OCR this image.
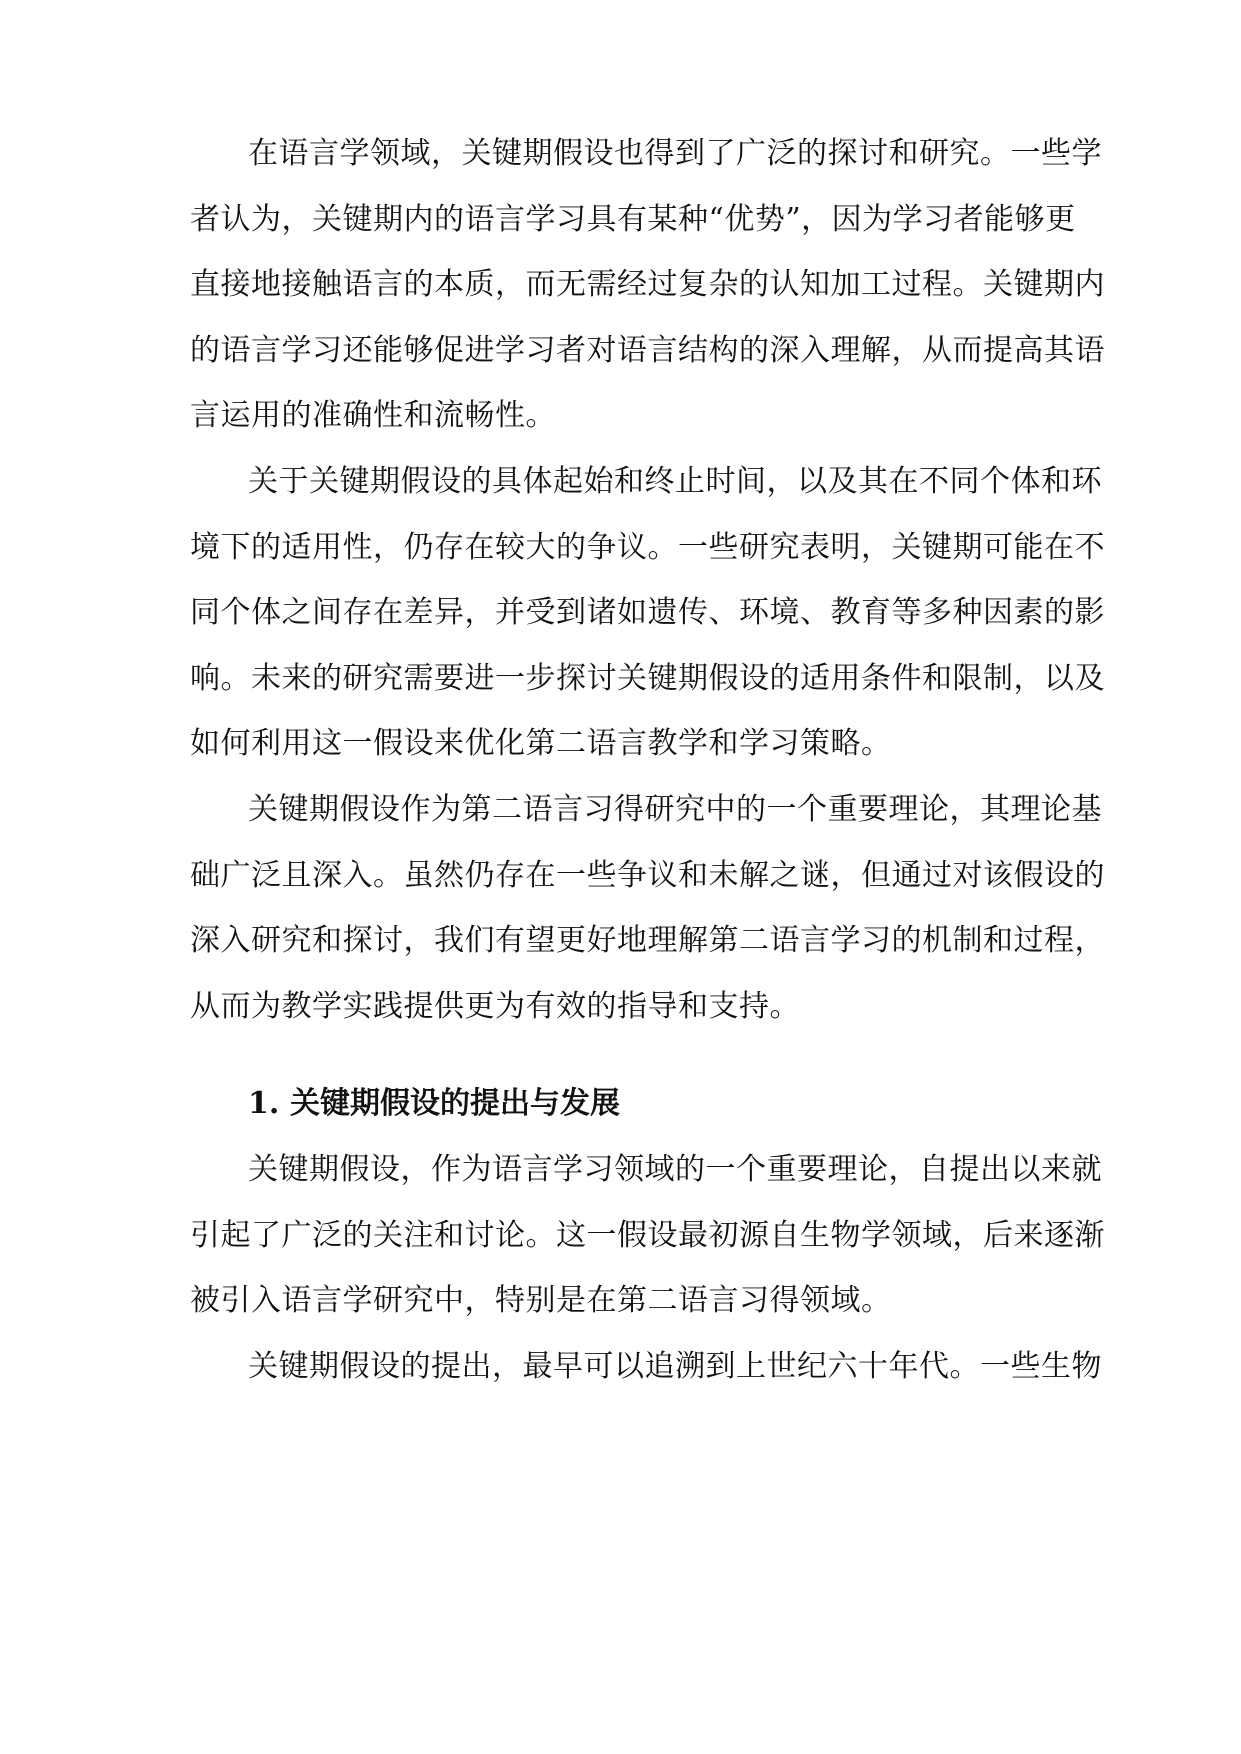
在语言学领域，关键期假设也得到了广泛的探讨和研究。一些学
者认为，关键期内的语言学习具有某种“优势”，因为学习者能够更
直接地接触语言的本质，而无需经过复杂的认知加工过程。关键期内
的语言学习还能够促进学习者对语言结构的深入理解，从而提高其语
言运用的准确性和流畅性。
关于关键期假设的具体起始和终止时间，以及其在不同个体和环
境下的适用性，仍存在较大的争议。一些研究表明，关键期可能在不
同个体之间存在差异，并受到诸如遗传、环境、教育等多种因素的影
响。未来的研究需要进一步探讨关键期假设的适用条件和限制，以及
如何利用这一假设来优化第二语言教学和学习策略。
关键期假设作为第二语言习得研究中的一个重要理论，其理论基
础广泛且深入。虽然仍存在一些争议和未解之谜，但通过对该假设的
深入研究和探讨，我们有望更好地理解第二语言学习的机制和过程，
从而为教学实践提供更为有效的指导和支持。
1. 关键期假设的提出与发展
关键期假设，作为语言学习领域的一个重要理论，自提出以来就
引起了广泛的关注和讨论。这一假设最初源自生物学领域，后来逐渐
被引入语言学研究中，特别是在第二语言习得领域。
关键期假设的提出，最早可以追溯到上世纪六十年代。一些生物
